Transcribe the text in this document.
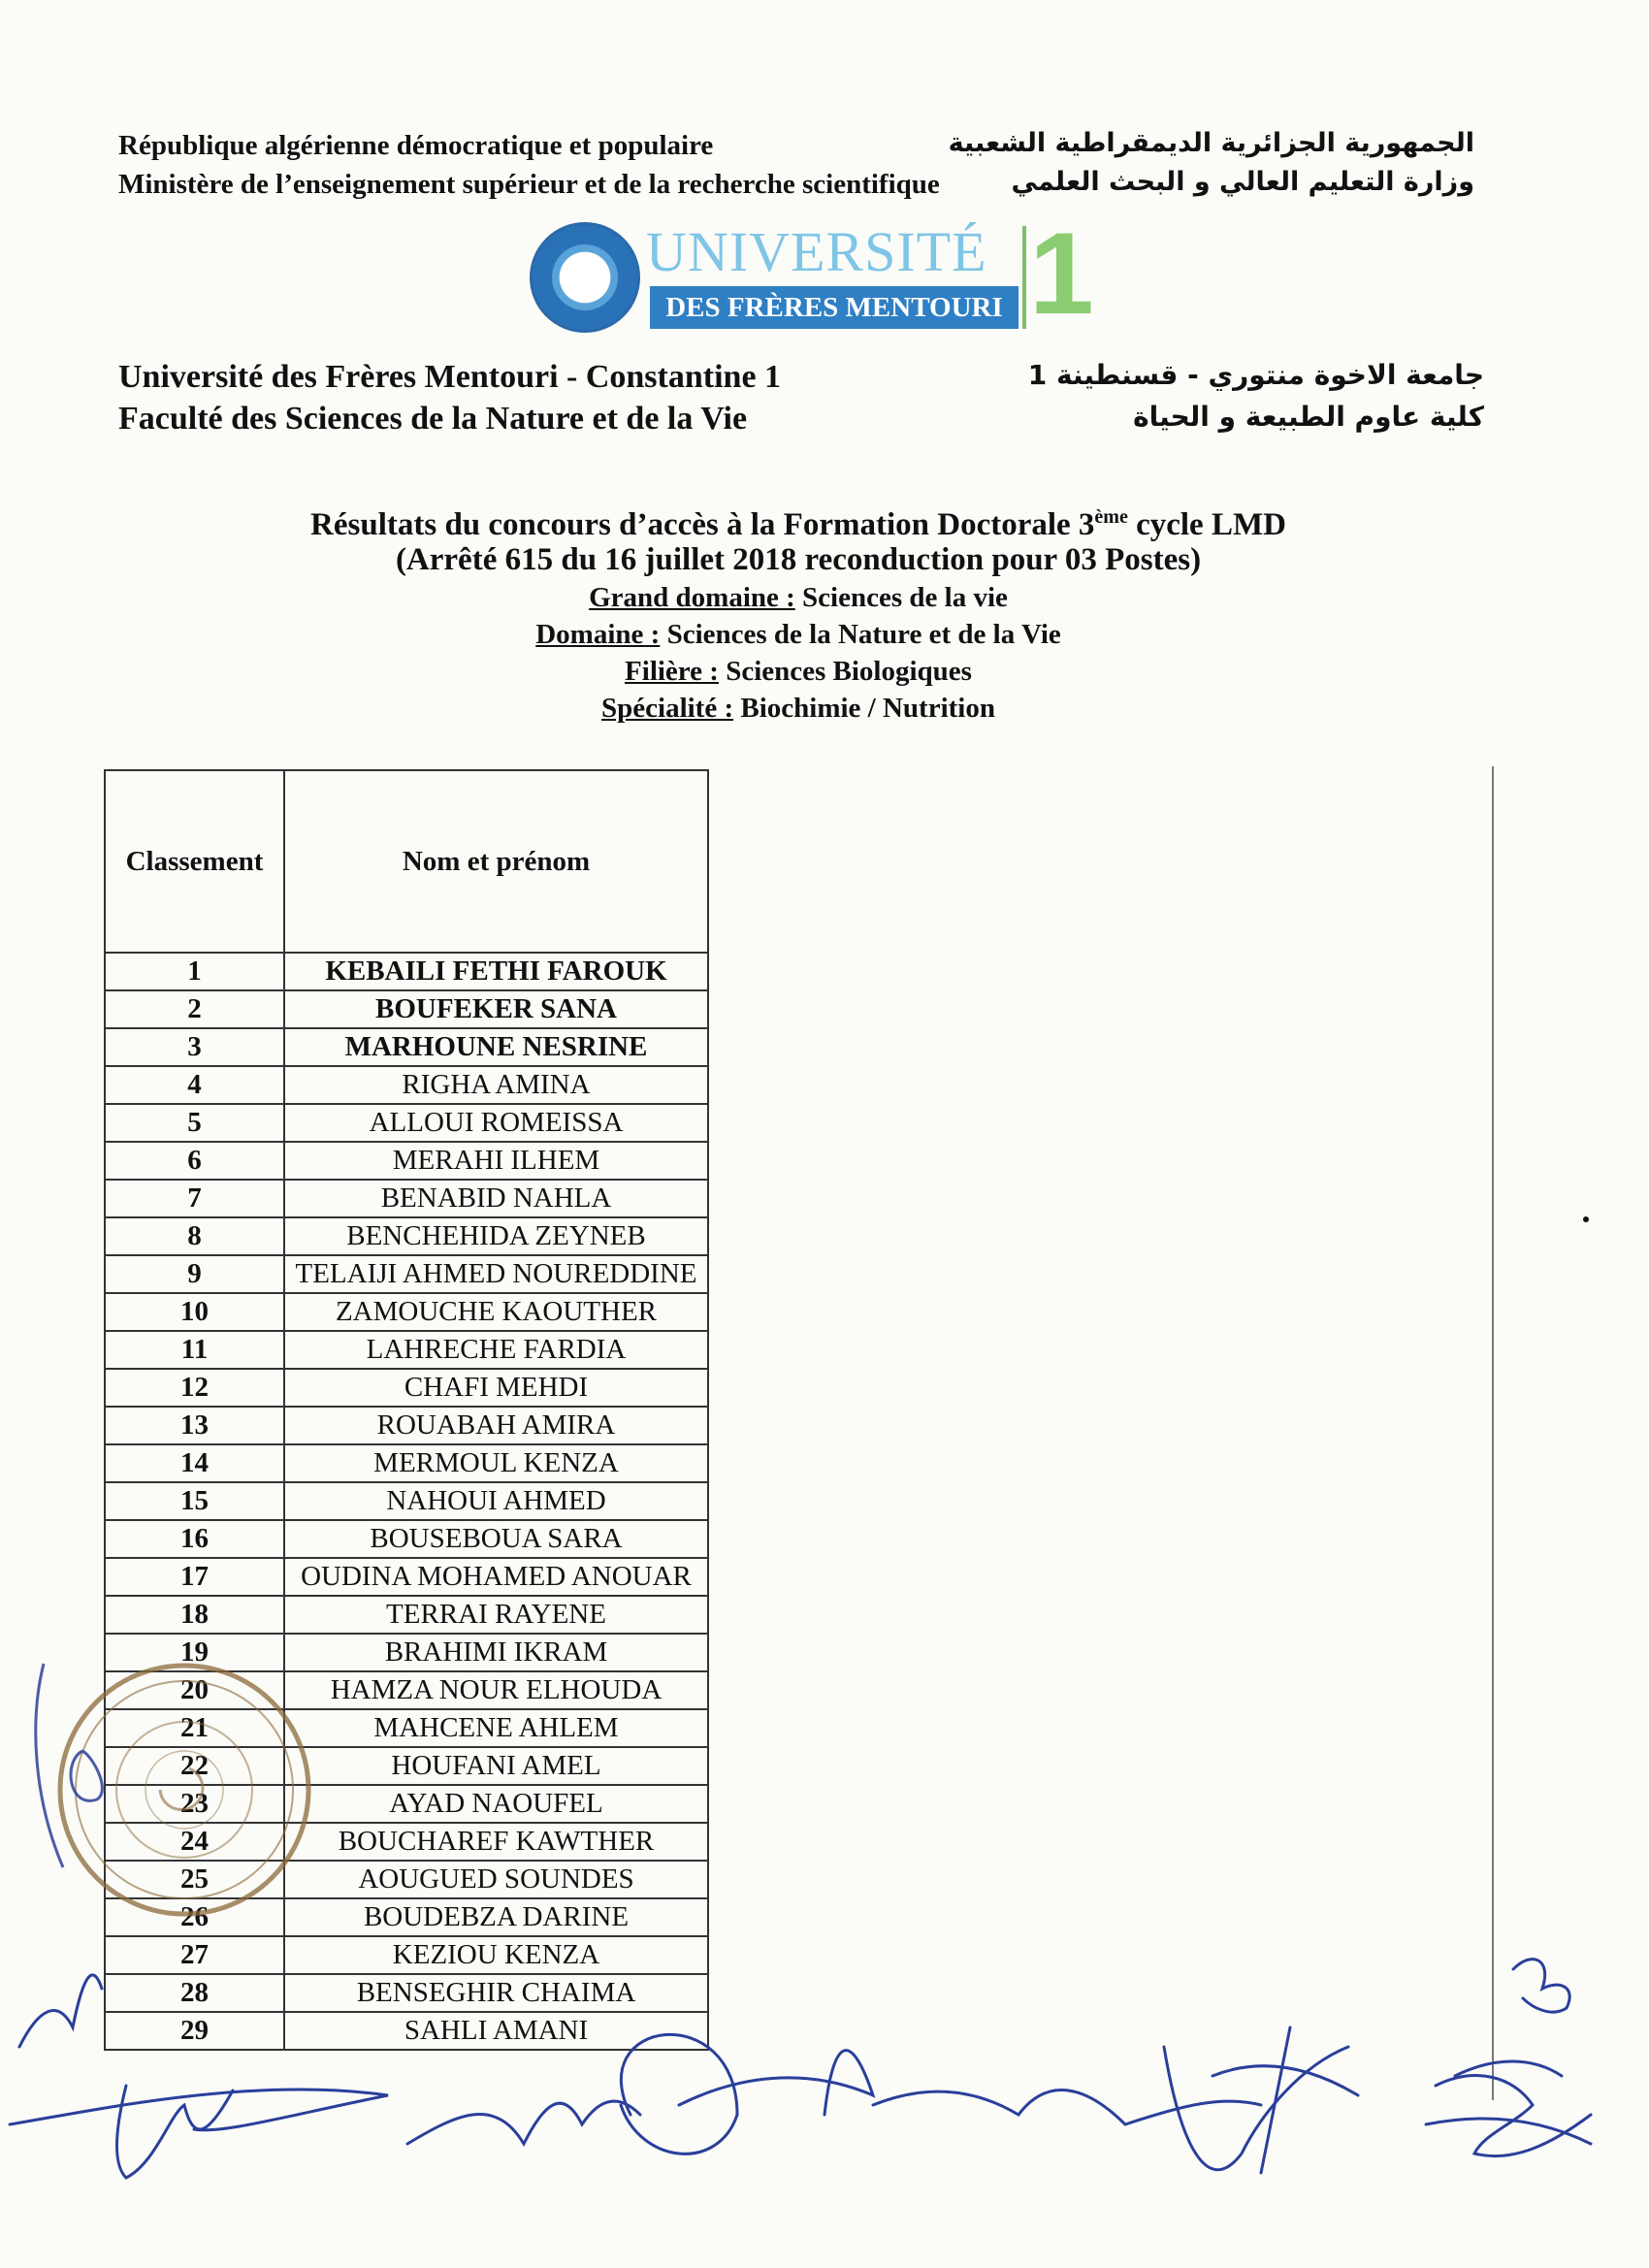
République algérienne démocratique et populaire
Ministère de l’enseignement supérieur et de la recherche scientifique
الجمهورية الجزائرية الديمقراطية الشعبية
وزارة التعليم العالي و البحث العلمي
UNIVERSITÉ
DES FRÈRES MENTOURI 1
Université des Frères Mentouri - Constantine 1
Faculté des Sciences de la Nature et de la Vie
جامعة الاخوة منتوري - قسنطينة 1
كلية عاوم الطبيعة و الحياة
Résultats du concours d’accès à la Formation Doctorale 3ème cycle LMD
(Arrêté 615 du 16 juillet 2018 reconduction pour 03 Postes)
Grand domaine : Sciences de la vie
Domaine : Sciences de la Nature et de la Vie
Filière : Sciences Biologiques
Spécialité : Biochimie / Nutrition
Classement	Nom et prénom
1	KEBAILI FETHI FAROUK
2	BOUFEKER SANA
3	MARHOUNE NESRINE
4	RIGHA AMINA
5	ALLOUI ROMEISSA
6	MERAHI ILHEM
7	BENABID NAHLA
8	BENCHEHIDA ZEYNEB
9	TELAIJI AHMED NOUREDDINE
10	ZAMOUCHE KAOUTHER
11	LAHRECHE FARDIA
12	CHAFI MEHDI
13	ROUABAH AMIRA
14	MERMOUL KENZA
15	NAHOUI AHMED
16	BOUSEBOUA SARA
17	OUDINA MOHAMED ANOUAR
18	TERRAI RAYENE
19	BRAHIMI IKRAM
20	HAMZA NOUR ELHOUDA
21	MAHCENE AHLEM
22	HOUFANI AMEL
23	AYAD NAOUFEL
24	BOUCHAREF KAWTHER
25	AOUGUED SOUNDES
26	BOUDEBZA DARINE
27	KEZIOU KENZA
28	BENSEGHIR CHAIMA
29	SAHLI AMANI
